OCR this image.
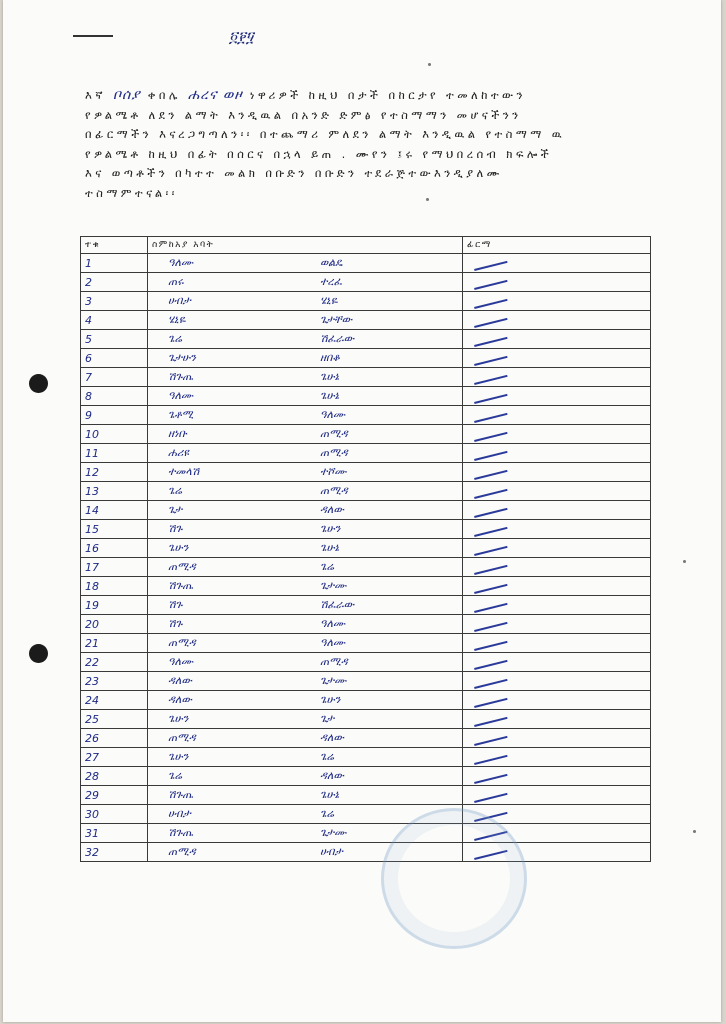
፬፻፶
እኛ ቦሰያ ቀበሌ ሐረና ወዞ ነዋሪዎች ከዚህ በታች በከርታየ ተመለከተውን
የዎልሜቶ ለደን ልማት እንዲዉል በአንድ ድምፅ የተስማማን መሆናችንን
በፊርማችን እናረጋግጣለን፡፡ በተጨማሪ ምለደን ልማት እንዲዉል የተስማማ ዉ
የዎልሜቶ ከዚህ በፊት በሰርና በኋላ ይጠ . ሙየን ፤ሩ የማህበረሰብ ክፍሎች
እና ወጣቶችን በካተተ መልክ በቡድን በቡድን ተደራጅተውእንዲያለሙ
ተስማምተናል፡፡
ተቁ	ስምከአያ አባት	ፊርማ
1	ዓለሙ ወልዴ	
2	ጠሩ ተረፈ	
3	ሀብታ ሄኒዬ	
4	ሄኒዬ ጌታቸው	
5	ጌሬ ሽፈራው	
6	ጌታሁን ዘበቆ	
7	ሽጉጤ ጌሁኔ	
8	ዓለሙ ጌሁኔ	
9	ጌቶሚ ዓለሙ	
10	ዘነቡ ጠሚዳ	
11	ሐሪዩ ጠሚዳ	
12	ተመላሽ ተሾሙ	
13	ጌሬ ጠሚዳ	
14	ጌታ ዳለው	
15	ሽጉ ጌሁን	
16	ጌሁን ጌሁኔ	
17	ጠሚዳ ጌሬ	
18	ሽጉጤ ጌታሙ	
19	ሽጉ ሽፈራው	
20	ሽጉ ዓለሙ	
21	ጠሚዳ ዓለሙ	
22	ዓለሙ ጠሚዳ	
23	ዳለው ጌታሙ	
24	ዳለው ጌሁን	
25	ጌሁን ጌታ	
26	ጠሚዳ ዳለው	
27	ጌሁን ጌሬ	
28	ጌሬ ዳለው	
29	ሽጉጤ ጌሁኔ	
30	ሀብታ ጌሬ	
31	ሽጉጤ ጌታሙ	
32	ጠሚዳ ሀብታ	
